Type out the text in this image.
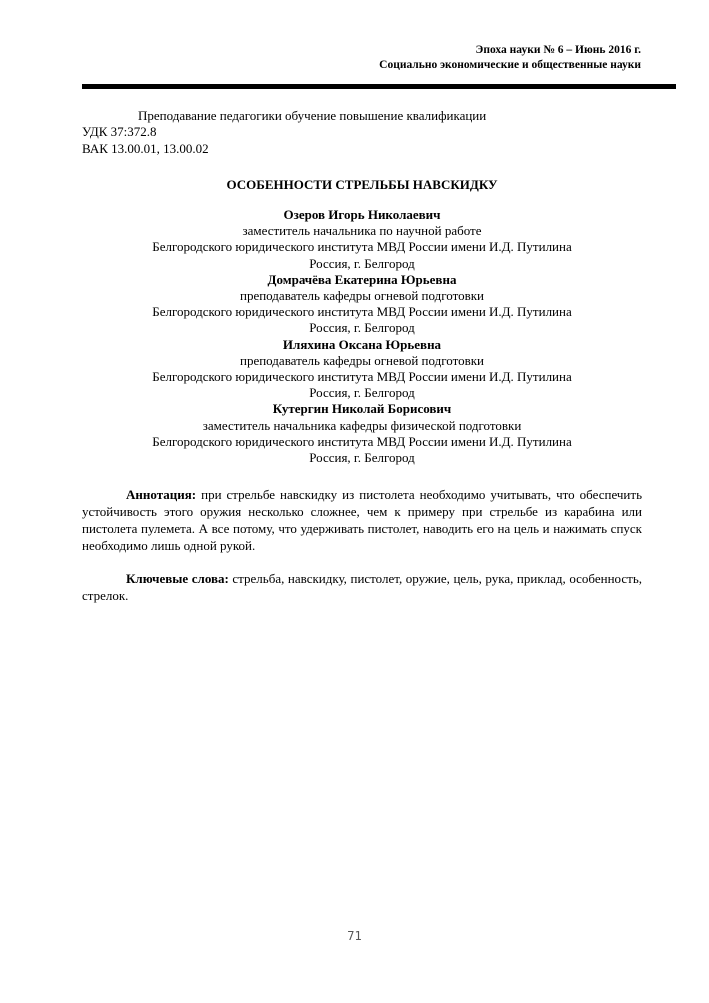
Эпоха науки № 6 – Июнь 2016 г.
Социально экономические и общественные науки
Преподавание педагогики обучение повышение квалификации
УДК 37:372.8
ВАК 13.00.01, 13.00.02
ОСОБЕННОСТИ СТРЕЛЬБЫ НАВСКИДКУ
Озеров Игорь Николаевич
заместитель начальника по научной работе
Белгородского юридического института МВД России имени И.Д. Путилина
Россия, г. Белгород
Домрачёва Екатерина Юрьевна
преподаватель кафедры огневой подготовки
Белгородского юридического института МВД России имени И.Д. Путилина
Россия, г. Белгород
Иляхина Оксана Юрьевна
преподаватель кафедры огневой подготовки
Белгородского юридического института МВД России имени И.Д. Путилина
Россия, г. Белгород
Кутергин Николай Борисович
заместитель начальника кафедры физической подготовки
Белгородского юридического института МВД России имени И.Д. Путилина
Россия, г. Белгород
Аннотация: при стрельбе навскидку из пистолета необходимо учитывать, что обеспечить устойчивость этого оружия несколько сложнее, чем к примеру при стрельбе из карабина или пистолета пулемета. А все потому, что удерживать пистолет, наводить его на цель и нажимать спуск необходимо лишь одной рукой.
Ключевые слова: стрельба, навскидку, пистолет, оружие, цель, рука, приклад, особенность, стрелок.
71
